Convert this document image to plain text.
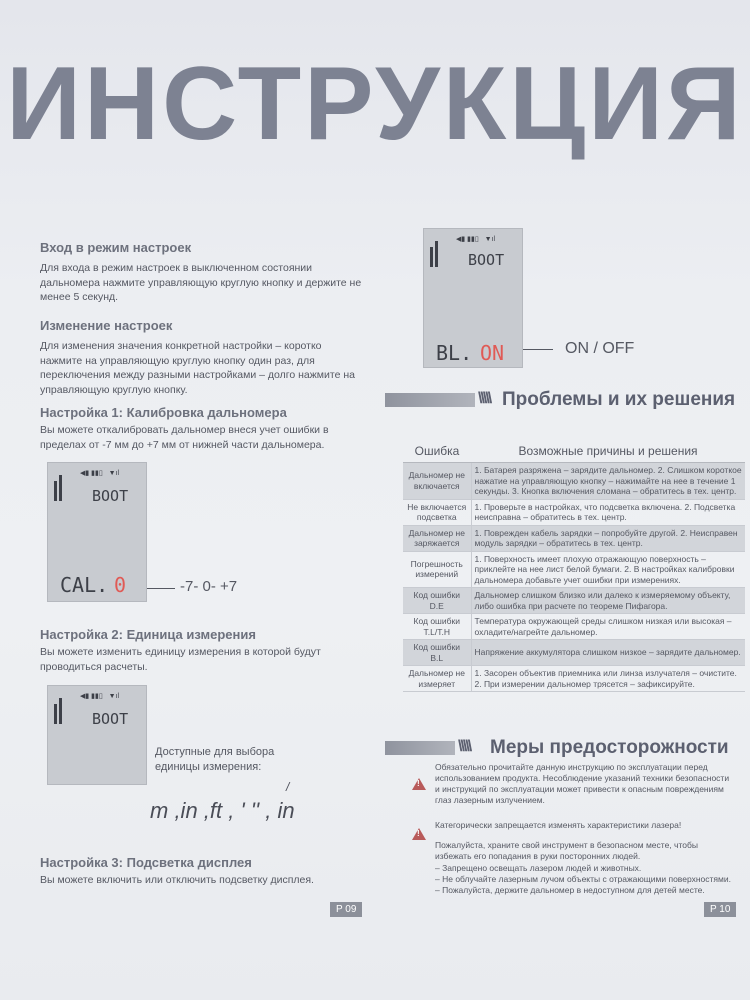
ИНСТРУКЦИЯ
Вход в режим настроек
Для входа в режим настроек в выключенном состоянии дальномера нажмите управляющую круглую кнопку и держите не менее 5 секунд.
Изменение настроек
Для изменения значения конкретной настройки – коротко нажмите на управляющую круглую кнопку один раз, для переключения между разными настройками – долго нажмите на управляющую круглую кнопку.
Настройка 1: Калибровка дальномера
Вы можете откалибровать дальномер внеся учет ошибки в пределах от -7 мм до +7 мм от нижней части дальномера.
◀▮ ▮▮▯   ▼ıl
BOOT
CAL. 0	-7- 0- +7
Настройка 2: Единица измерения
Вы можете изменить единицу измерения в которой будут проводиться расчеты.
◀▮ ▮▮▯   ▼ıl
BOOT
Доступные для выбора единицы измерения:
m ,in ,ft , ' '' , in
/
Настройка 3: Подсветка дисплея
Вы можете включить или отключить подсветку дисплея.
P 09
◀▮ ▮▮▯   ▼ıl
BOOT
BL. ON	ON / OFF
\\\\\ Проблемы и их решения
Ошибка	Возможные причины и решения
Дальномер не включается	1. Батарея разряжена – зарядите дальномер. 2. Слишком короткое нажатие на управляющую кнопку – нажимайте на нее в течение 1 секунды. 3. Кнопка включения сломана – обратитесь в тех. центр.
Не включается подсветка	1. Проверьте в настройках, что подсветка включена. 2. Подсветка неисправна – обратитесь в тех. центр.
Дальномер не заряжается	1. Поврежден кабель зарядки – попробуйте другой. 2. Неисправен модуль зарядки – обратитесь в тех. центр.
Погрешность измерений	1. Поверхность имеет плохую отражающую поверхность – приклейте на нее лист белой бумаги. 2. В настройках калибровки дальномера добавьте учет ошибки при измерениях.
Код ошибки D.E	Дальномер слишком близко или далеко к измеряемому объекту, либо ошибка при расчете по теореме Пифагора.
Код ошибки T.L/T.H	Температура окружающей среды слишком низкая или высокая – охладите/нагрейте дальномер.
Код ошибки B.L	Напряжение аккумулятора слишком низкое – зарядите дальномер.
Дальномер не измеряет	1. Засорен объектив приемника или линза излучателя – очистите. 2. При измерении дальномер трясется – зафиксируйте.
\\\\\ Меры предосторожности
!
Обязательно прочитайте данную инструкцию по эксплуатации перед использованием продукта. Несоблюдение указаний техники безопасности и инструкций по эксплуатации может привести к опасным повреждениям глаз лазерным излучением.
!
Категорически запрещается изменять характеристики лазера!
Пожалуйста, храните свой инструмент в безопасном месте, чтобы избежать его попадания в руки посторонних людей.
– Запрещено освещать лазером людей и животных.
– Не облучайте лазерным лучом объекты с отражающими поверхностями.
– Пожалуйста, держите дальномер в недоступном для детей месте.
P 10
